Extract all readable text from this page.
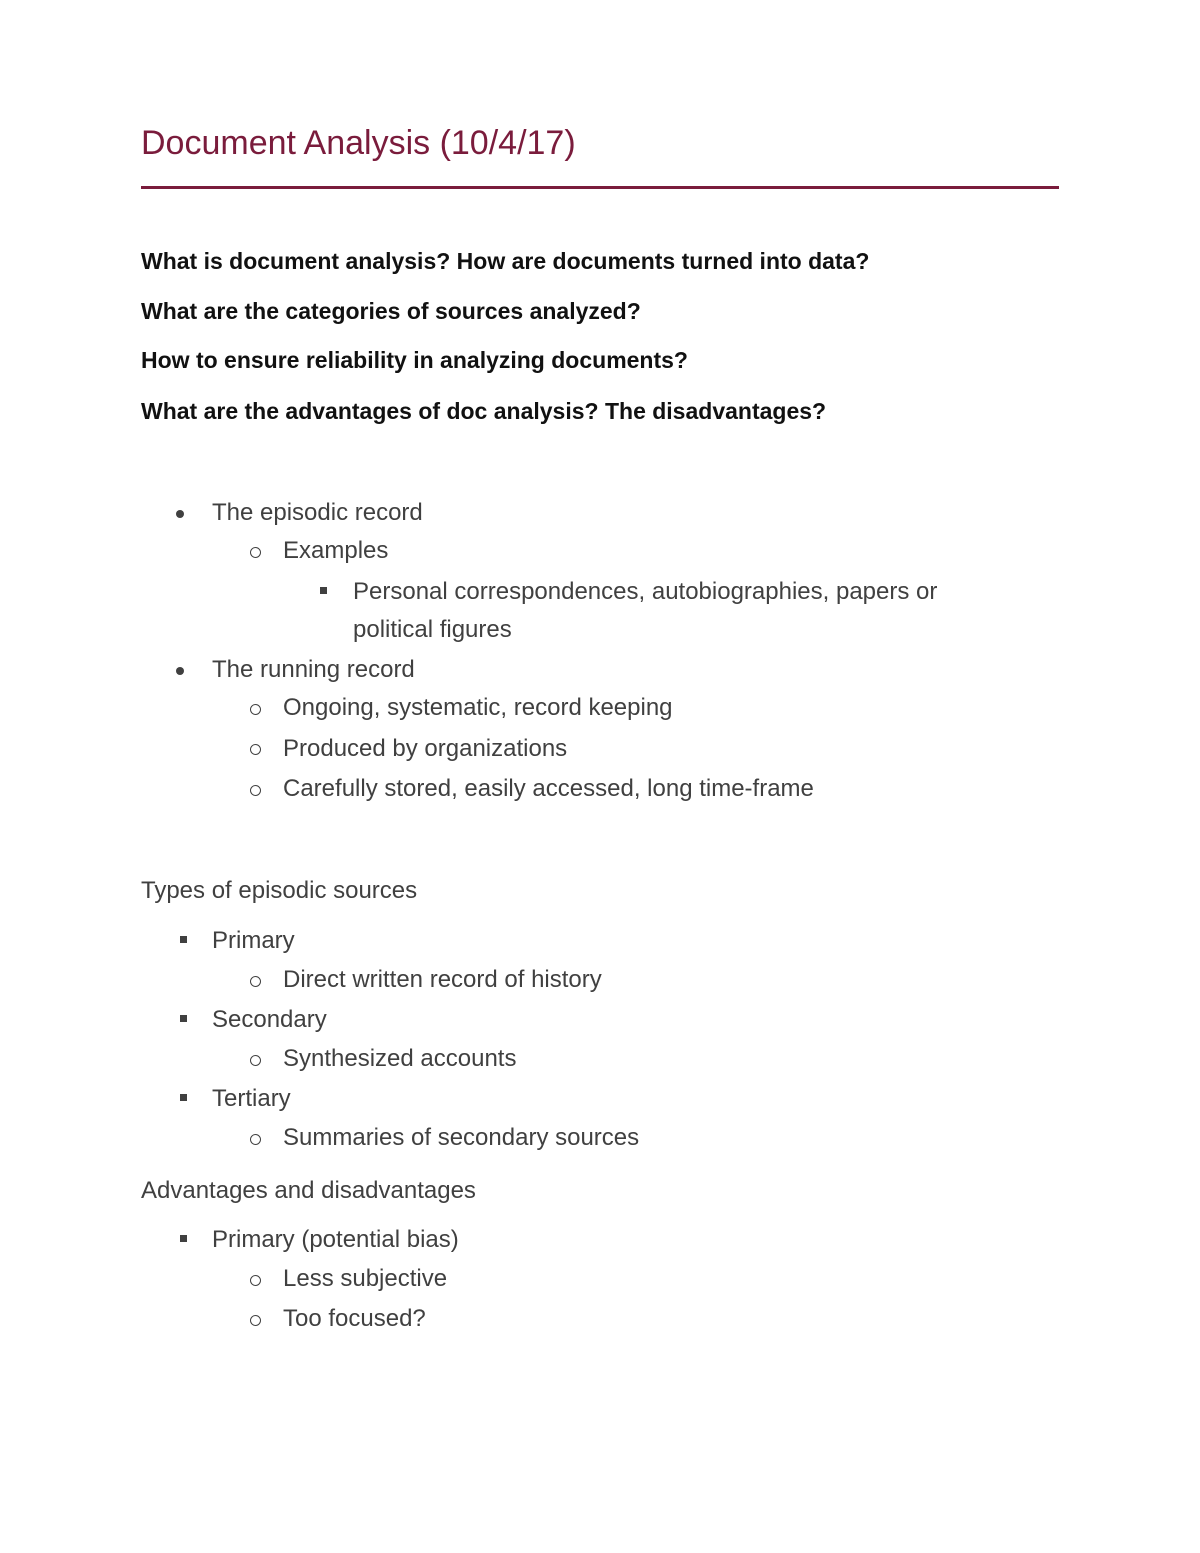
Document Analysis (10/4/17)
What is document analysis? How are documents turned into data?
What are the categories of sources analyzed?
How to ensure reliability in analyzing documents?
What are the advantages of doc analysis? The disadvantages?
The episodic record
Examples
Personal correspondences, autobiographies, papers or
political figures
The running record
Ongoing, systematic, record keeping
Produced by organizations
Carefully stored, easily accessed, long time-frame
Types of episodic sources
Primary
Direct written record of history
Secondary
Synthesized accounts
Tertiary
Summaries of secondary sources
Advantages and disadvantages
Primary (potential bias)
Less subjective
Too focused?
